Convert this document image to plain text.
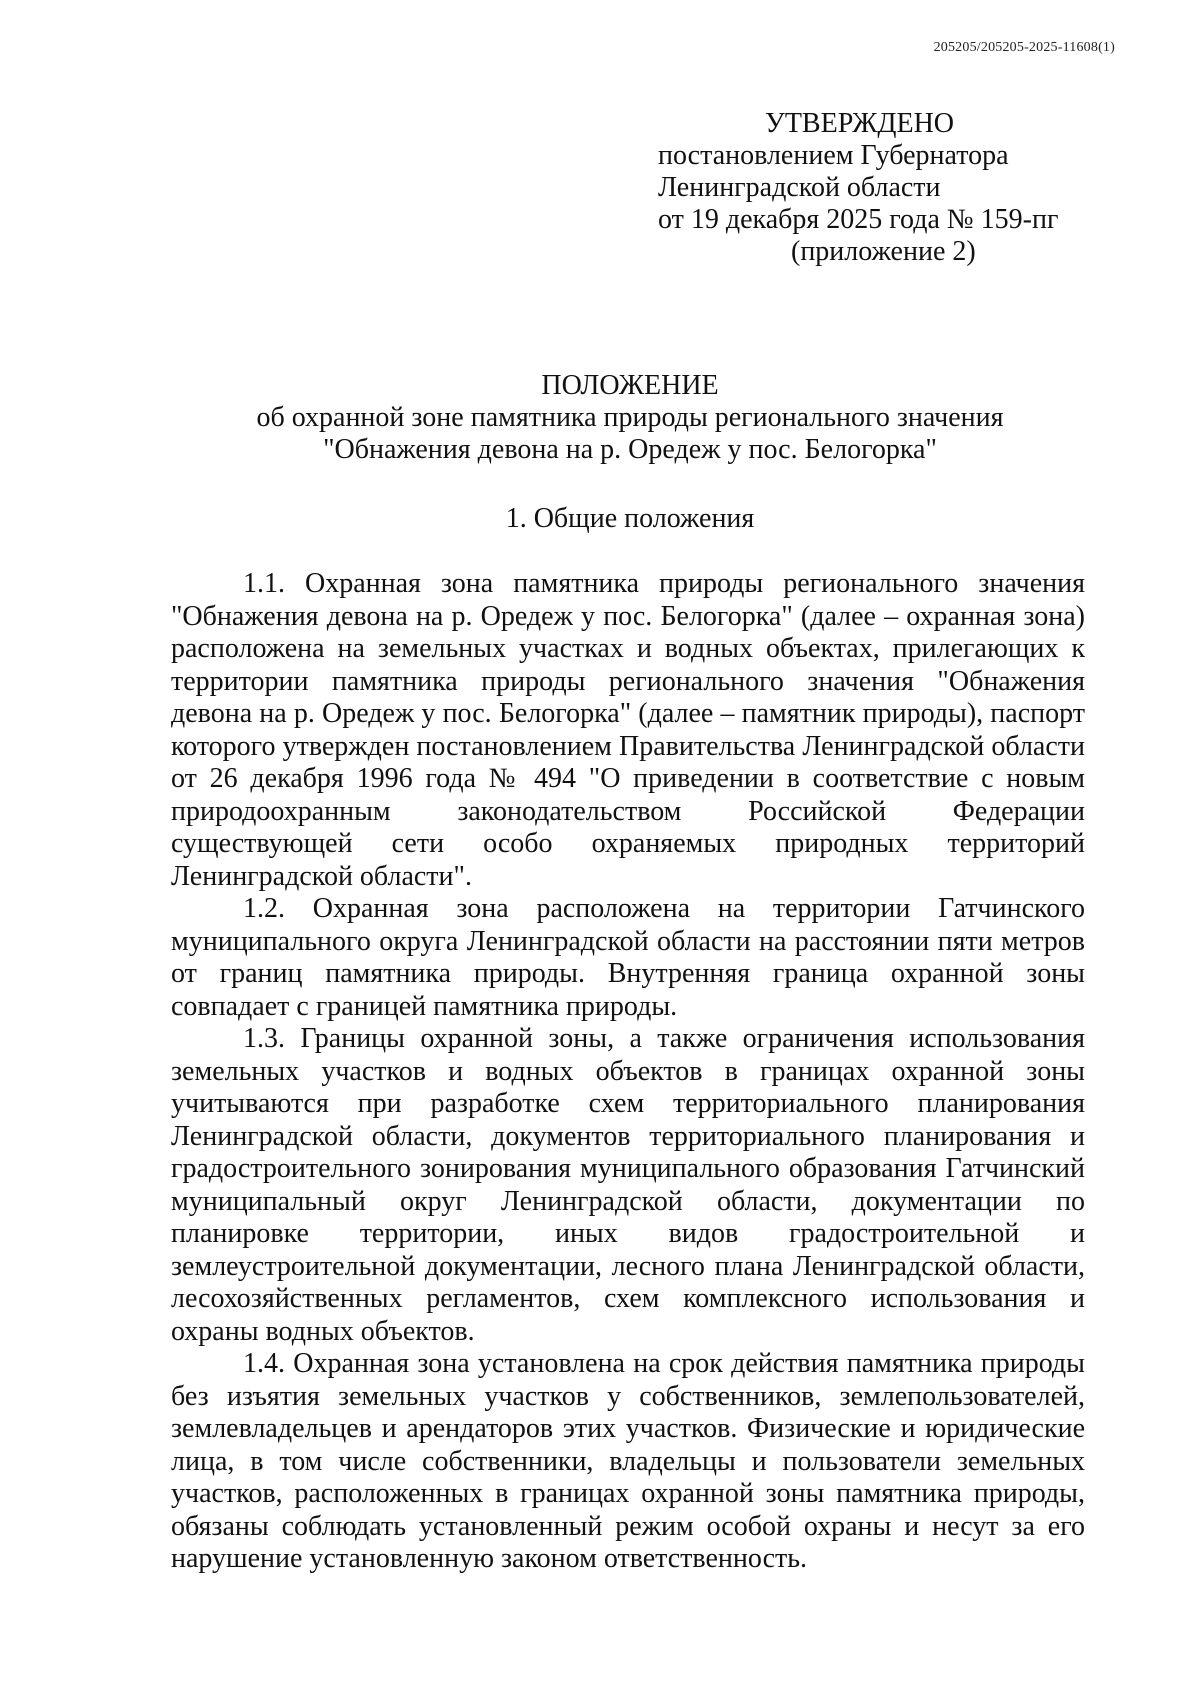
205205/205205-2025-11608(1)
УТВЕРЖДЕНО
постановлением Губернатора
Ленинградской области
от 19 декабря 2025 года № 159-пг
(приложение 2)
ПОЛОЖЕНИЕ
об охранной зоне памятника природы регионального значения
"Обнажения девона на р. Оредеж у пос. Белогорка"
1. Общие положения

1.1. Охранная зона памятника природы регионального значения "Обнажения девона на р. Оредеж у пос. Белогорка" (далее – охранная зона) расположена на земельных участках и водных объектах, прилегающих к территории памятника природы регионального значения "Обнажения девона на р. Оредеж у пос. Белогорка" (далее – памятник природы), паспорт которого утвержден постановлением Правительства Ленинградской области от 26 декабря 1996 года № 494 "О приведении в соответствие с новым природоохранным законодательством Российской Федерации существующей сети особо охраняемых природных территорий Ленинградской области".

1.2. Охранная зона расположена на территории Гатчинского муниципального округа Ленинградской области на расстоянии пяти метров от границ памятника природы. Внутренняя граница охранной зоны совпадает с границей памятника природы.

1.3. Границы охранной зоны, а также ограничения использования земельных участков и водных объектов в границах охранной зоны учитываются при разработке схем территориального планирования Ленинградской области, документов территориального планирования и градостроительного зонирования муниципального образования Гатчинский муниципальный округ Ленинградской области, документации по планировке территории, иных видов градостроительной и землеустроительной документации, лесного плана Ленинградской области, лесохозяйственных регламентов, схем комплексного использования и охраны водных объектов.

1.4. Охранная зона установлена на срок действия памятника природы без изъятия земельных участков у собственников, землепользователей, землевладельцев и арендаторов этих участков. Физические и юридические лица, в том числе собственники, владельцы и пользователи земельных участков, расположенных в границах охранной зоны памятника природы, обязаны соблюдать установленный режим особой охраны и несут за его нарушение установленную законом ответственность.
